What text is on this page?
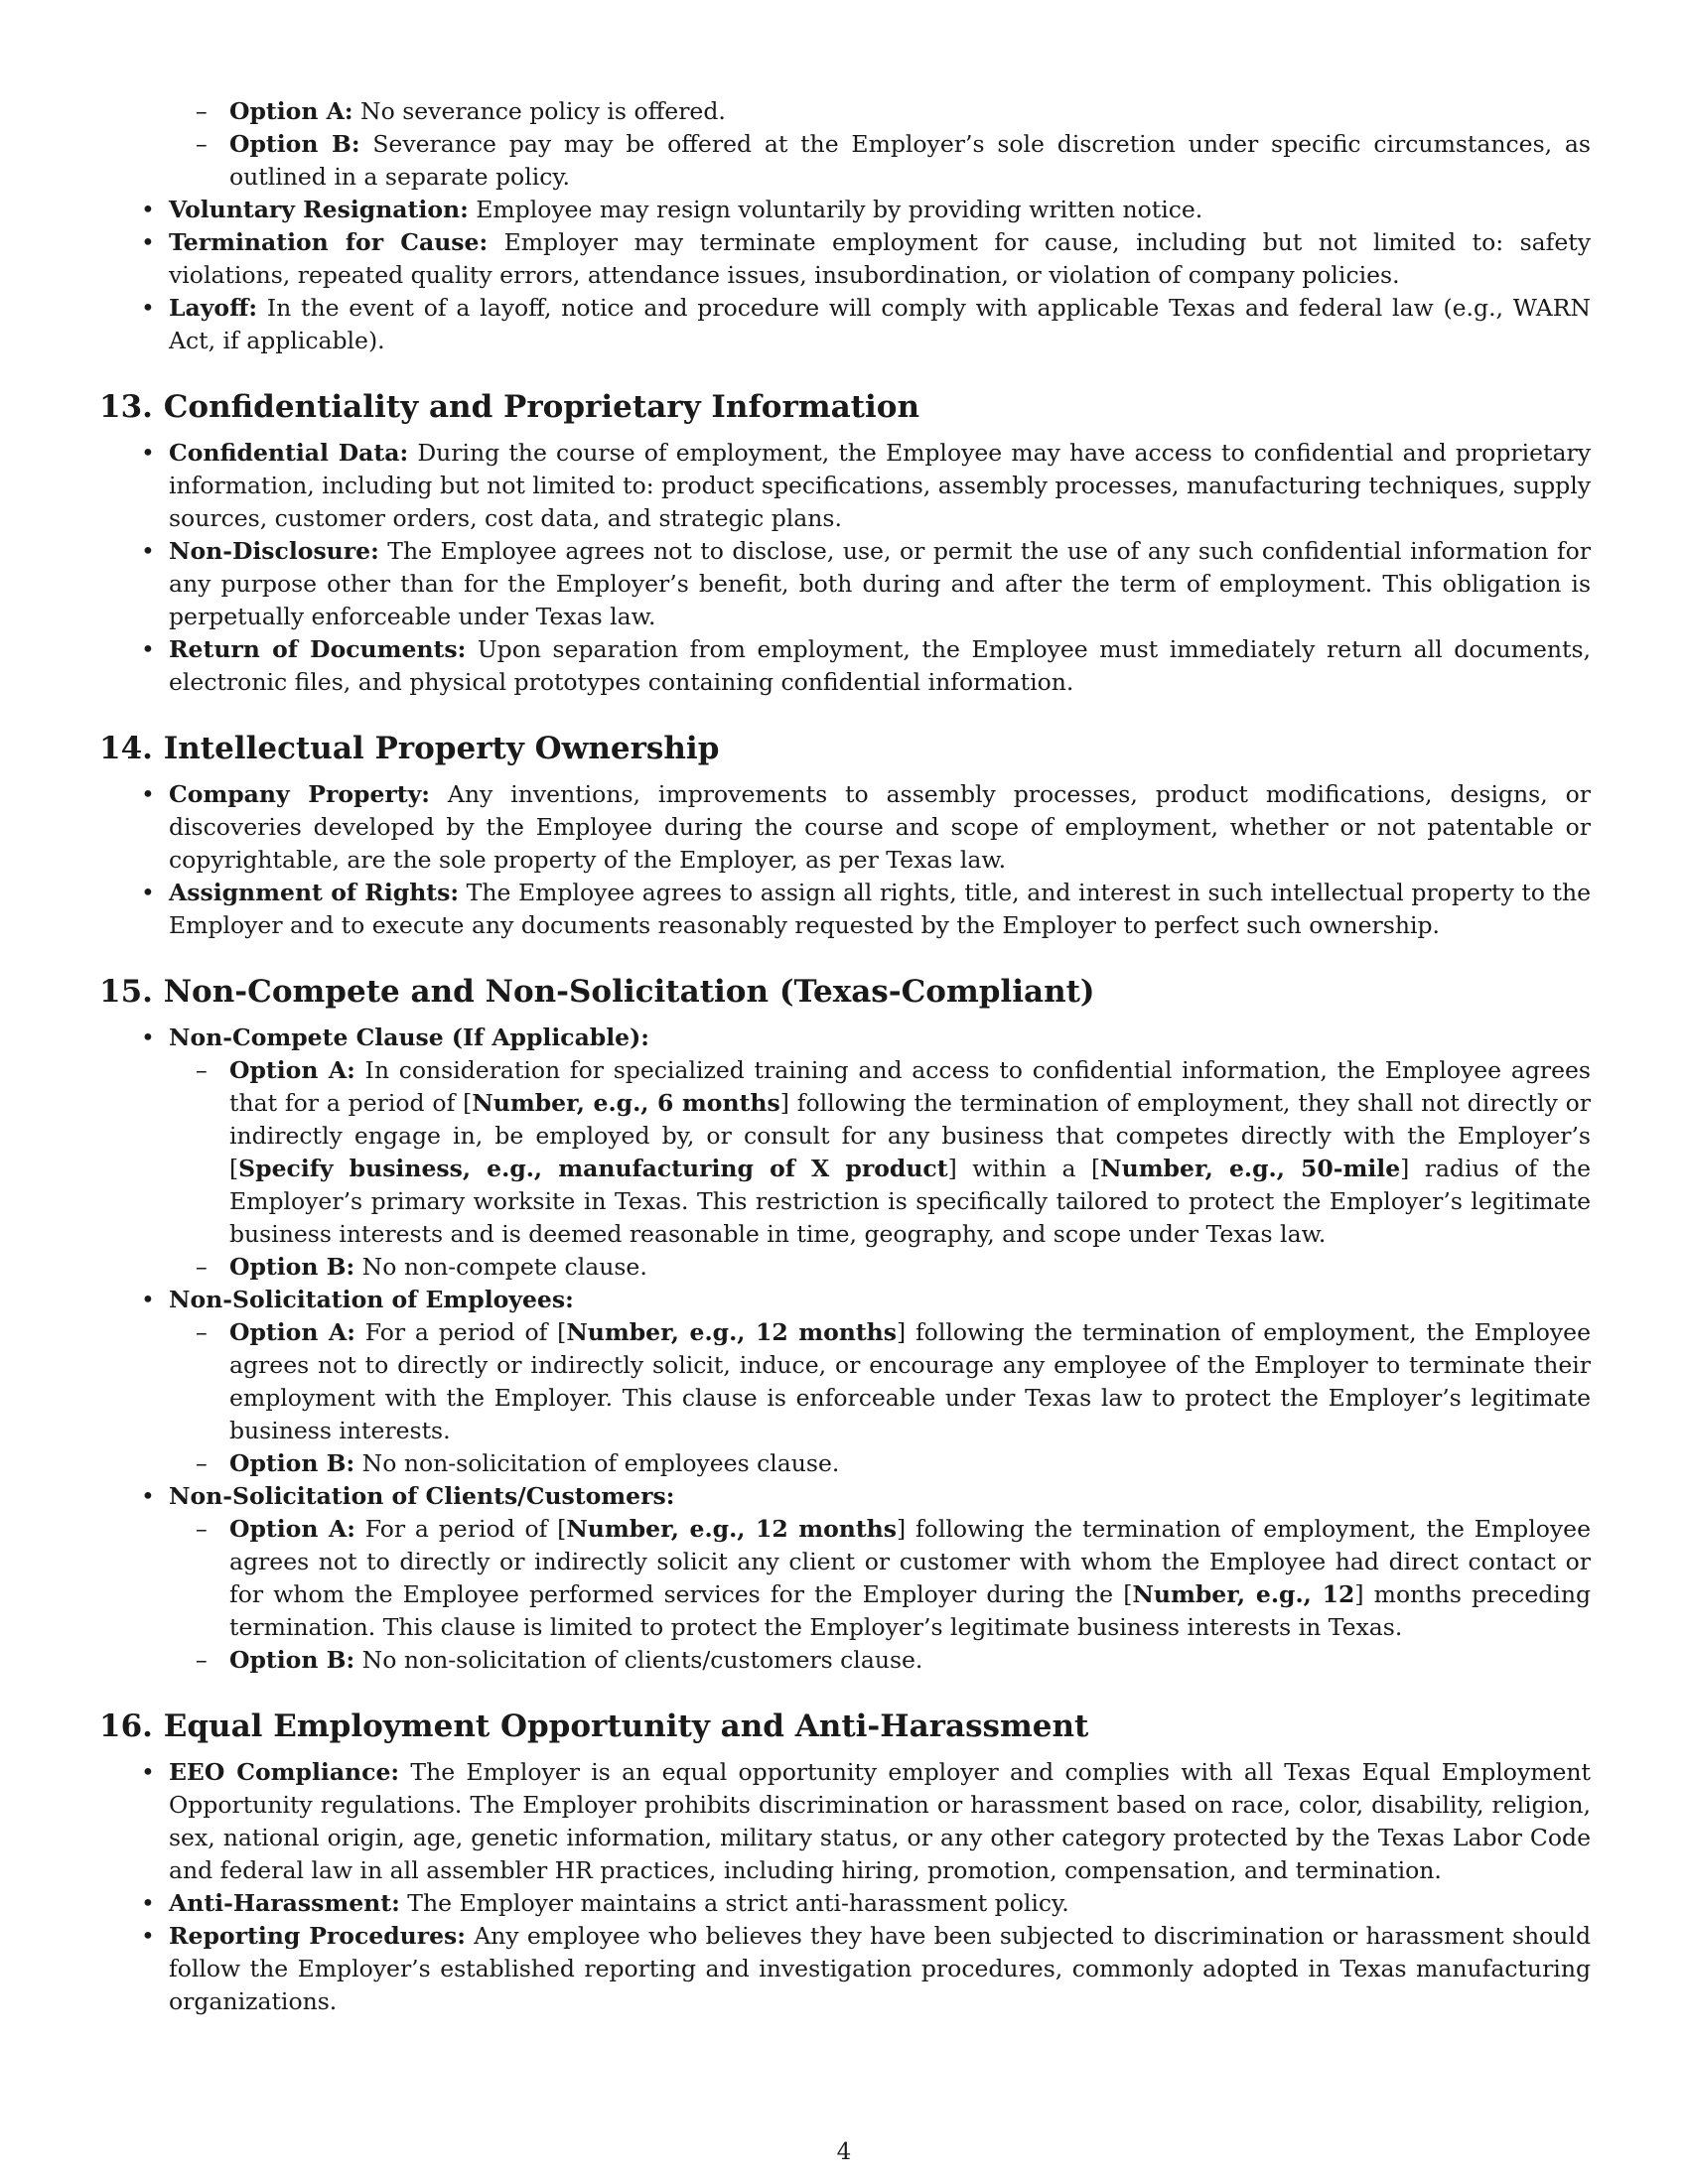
– Option A: No severance policy is offered.
– Option B: Severance pay may be offered at the Employer’s sole discretion under specific circumstances, as outlined in a separate policy.
• Voluntary Resignation: Employee may resign voluntarily by providing written notice.
• Termination for Cause: Employer may terminate employment for cause, including but not limited to: safety violations, repeated quality errors, attendance issues, insubordination, or violation of company policies.
• Layoff: In the event of a layoff, notice and procedure will comply with applicable Texas and federal law (e.g., WARN Act, if applicable).
13. Confidentiality and Proprietary Information
• Confidential Data: During the course of employment, the Employee may have access to confidential and proprietary information, including but not limited to: product specifications, assembly processes, manufacturing techniques, supply sources, customer orders, cost data, and strategic plans.
• Non-Disclosure: The Employee agrees not to disclose, use, or permit the use of any such confidential information for any purpose other than for the Employer’s benefit, both during and after the term of employment. This obligation is perpetually enforceable under Texas law.
• Return of Documents: Upon separation from employment, the Employee must immediately return all documents, electronic files, and physical prototypes containing confidential information.
14. Intellectual Property Ownership
• Company Property: Any inventions, improvements to assembly processes, product modifications, designs, or discoveries developed by the Employee during the course and scope of employment, whether or not patentable or copyrightable, are the sole property of the Employer, as per Texas law.
• Assignment of Rights: The Employee agrees to assign all rights, title, and interest in such intellectual property to the Employer and to execute any documents reasonably requested by the Employer to perfect such ownership.
15. Non-Compete and Non-Solicitation (Texas-Compliant)
• Non-Compete Clause (If Applicable):
– Option A: In consideration for specialized training and access to confidential information, the Employee agrees that for a period of [Number, e.g., 6 months] following the termination of employment, they shall not directly or indirectly engage in, be employed by, or consult for any business that competes directly with the Employer’s [Specify business, e.g., manufacturing of X product] within a [Number, e.g., 50-mile] radius of the Employer’s primary worksite in Texas. This restriction is specifically tailored to protect the Employer’s legitimate business interests and is deemed reasonable in time, geography, and scope under Texas law.
– Option B: No non-compete clause.
• Non-Solicitation of Employees:
– Option A: For a period of [Number, e.g., 12 months] following the termination of employment, the Employee agrees not to directly or indirectly solicit, induce, or encourage any employee of the Employer to terminate their employment with the Employer. This clause is enforceable under Texas law to protect the Employer’s legitimate business interests.
– Option B: No non-solicitation of employees clause.
• Non-Solicitation of Clients/Customers:
– Option A: For a period of [Number, e.g., 12 months] following the termination of employment, the Employee agrees not to directly or indirectly solicit any client or customer with whom the Employee had direct contact or for whom the Employee performed services for the Employer during the [Number, e.g., 12] months preceding termination. This clause is limited to protect the Employer’s legitimate business interests in Texas.
– Option B: No non-solicitation of clients/customers clause.
16. Equal Employment Opportunity and Anti-Harassment
• EEO Compliance: The Employer is an equal opportunity employer and complies with all Texas Equal Employment Opportunity regulations. The Employer prohibits discrimination or harassment based on race, color, disability, religion, sex, national origin, age, genetic information, military status, or any other category protected by the Texas Labor Code and federal law in all assembler HR practices, including hiring, promotion, compensation, and termination.
• Anti-Harassment: The Employer maintains a strict anti-harassment policy.
• Reporting Procedures: Any employee who believes they have been subjected to discrimination or harassment should follow the Employer’s established reporting and investigation procedures, commonly adopted in Texas manufacturing organizations.
4
